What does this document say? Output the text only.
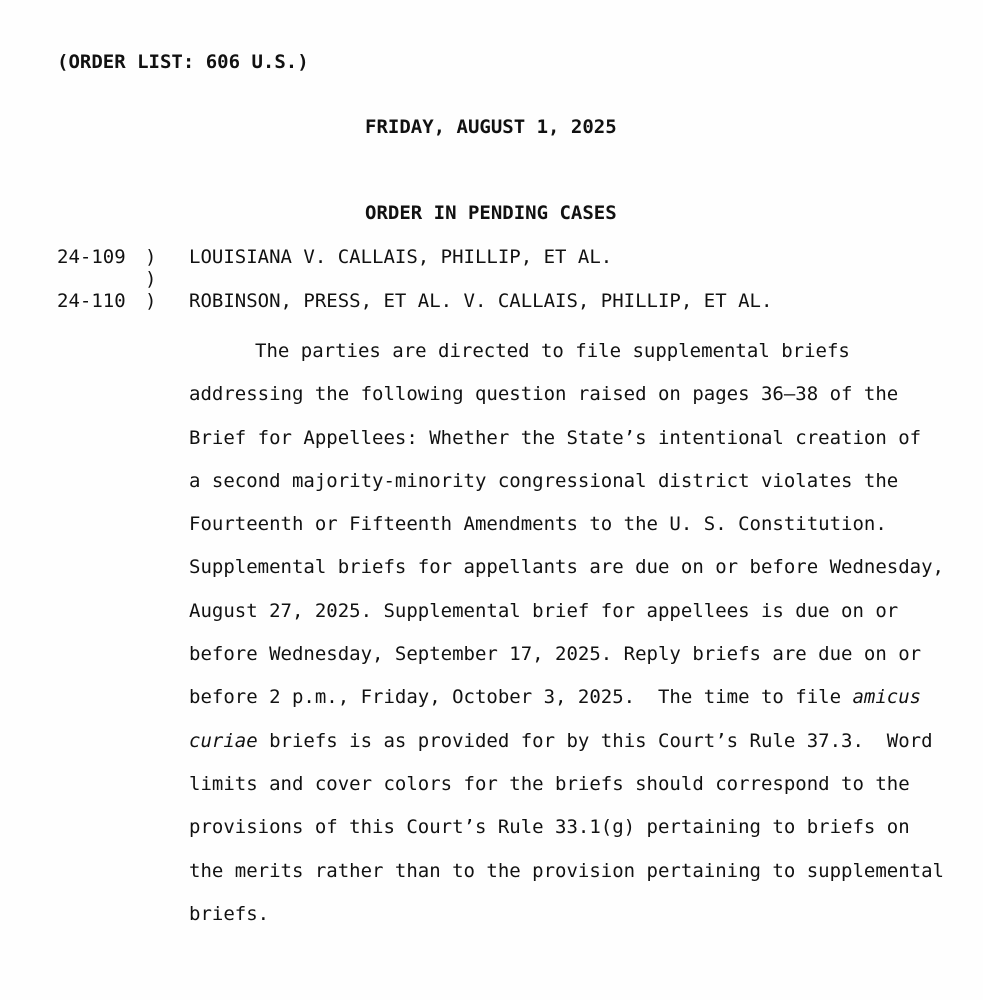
(ORDER LIST: 606 U.S.)
FRIDAY, AUGUST 1, 2025
ORDER IN PENDING CASES
24-109 ) LOUISIANA V. CALLAIS, PHILLIP, ET AL.
)
24-110 ) ROBINSON, PRESS, ET AL. V. CALLAIS, PHILLIP, ET AL.
The parties are directed to file supplemental briefs
addressing the following question raised on pages 36–38 of the
Brief for Appellees: Whether the State’s intentional creation of
a second majority-minority congressional district violates the
Fourteenth or Fifteenth Amendments to the U. S. Constitution.
Supplemental briefs for appellants are due on or before Wednesday,
August 27, 2025. Supplemental brief for appellees is due on or
before Wednesday, September 17, 2025. Reply briefs are due on or
before 2 p.m., Friday, October 3, 2025.  The time to file amicus
curiae briefs is as provided for by this Court’s Rule 37.3.  Word
limits and cover colors for the briefs should correspond to the
provisions of this Court’s Rule 33.1(g) pertaining to briefs on
the merits rather than to the provision pertaining to supplemental
briefs.
